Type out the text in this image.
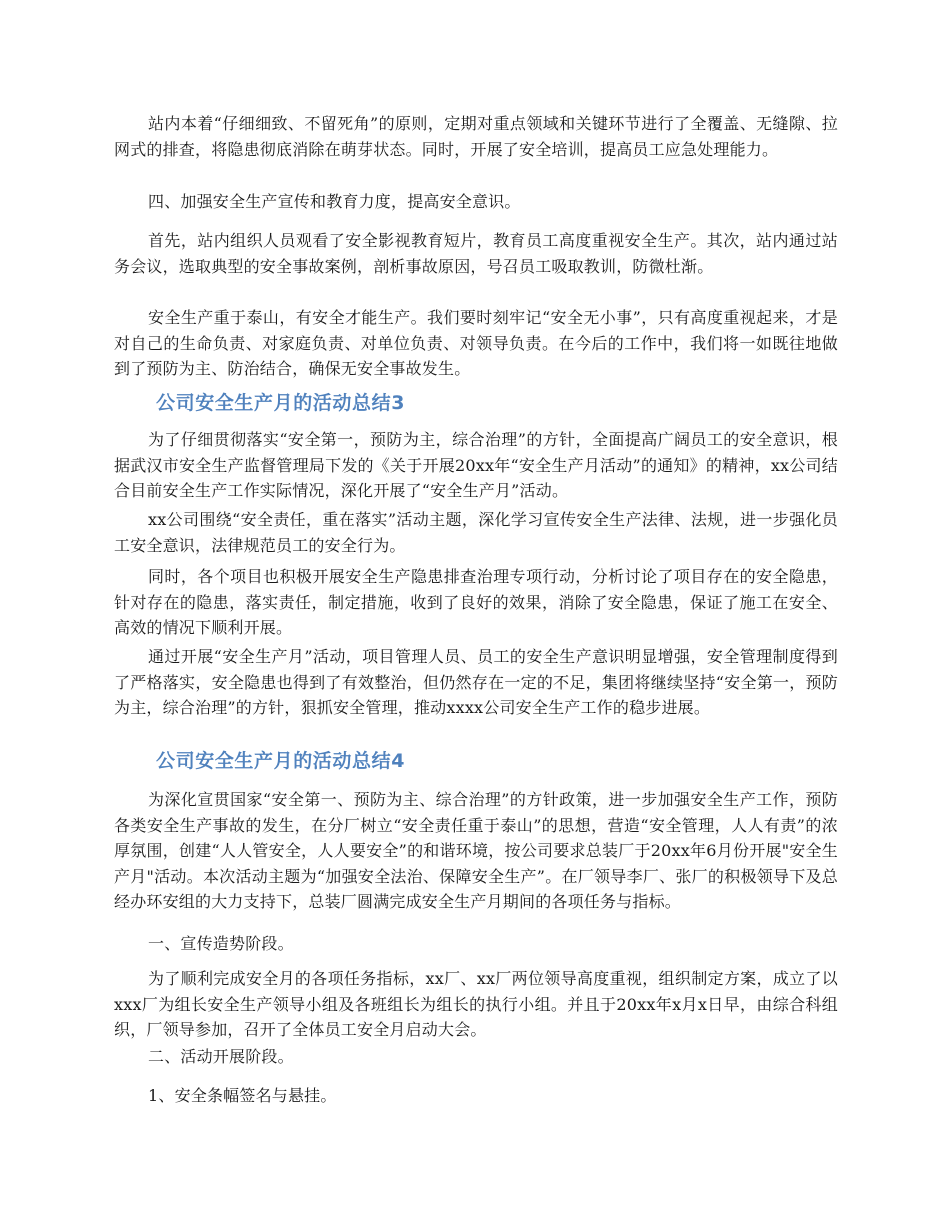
站内本着“仔细细致、不留死角”的原则，定期对重点领域和关键环节进行了全覆盖、无缝隙、拉网式的排查，将隐患彻底消除在萌芽状态。同时，开展了安全培训，提高员工应急处理能力。

四、加强安全生产宣传和教育力度，提高安全意识。

首先，站内组织人员观看了安全影视教育短片，教育员工高度重视安全生产。其次，站内通过站务会议，选取典型的安全事故案例，剖析事故原因，号召员工吸取教训，防微杜渐。

安全生产重于泰山，有安全才能生产。我们要时刻牢记“安全无小事”，只有高度重视起来，才是对自己的生命负责、对家庭负责、对单位负责、对领导负责。在今后的工作中，我们将一如既往地做到了预防为主、防治结合，确保无安全事故发生。

公司安全生产月的活动总结3

为了仔细贯彻落实“安全第一，预防为主，综合治理”的方针，全面提高广阔员工的安全意识，根据武汉市安全生产监督管理局下发的《关于开展20xx年“安全生产月活动”的通知》的精神，xx公司结合目前安全生产工作实际情况，深化开展了“安全生产月”活动。

xx公司围绕“安全责任，重在落实”活动主题，深化学习宣传安全生产法律、法规，进一步强化员工安全意识，法律规范员工的安全行为。

同时，各个项目也积极开展安全生产隐患排查治理专项行动，分析讨论了项目存在的安全隐患，针对存在的隐患，落实责任，制定措施，收到了良好的效果，消除了安全隐患，保证了施工在安全、高效的情况下顺利开展。

通过开展“安全生产月”活动，项目管理人员、员工的安全生产意识明显增强，安全管理制度得到了严格落实，安全隐患也得到了有效整治，但仍然存在一定的不足，集团将继续坚持“安全第一，预防为主，综合治理”的方针，狠抓安全管理，推动xxxx公司安全生产工作的稳步进展。

公司安全生产月的活动总结4

为深化宣贯国家“安全第一、预防为主、综合治理”的方针政策，进一步加强安全生产工作，预防各类安全生产事故的发生，在分厂树立“安全责任重于泰山”的思想，营造“安全管理，人人有责”的浓厚氛围，创建“人人管安全，人人要安全”的和谐环境，按公司要求总装厂于20xx年6月份开展"安全生产月"活动。本次活动主题为“加强安全法治、保障安全生产”。在厂领导李厂、张厂的积极领导下及总经办环安组的大力支持下，总装厂圆满完成安全生产月期间的各项任务与指标。

一、宣传造势阶段。

为了顺利完成安全月的各项任务指标，xx厂、xx厂两位领导高度重视，组织制定方案，成立了以xxx厂为组长安全生产领导小组及各班组长为组长的执行小组。并且于20xx年x月x日早，由综合科组织，厂领导参加，召开了全体员工安全月启动大会。

二、活动开展阶段。

1、安全条幅签名与悬挂。
